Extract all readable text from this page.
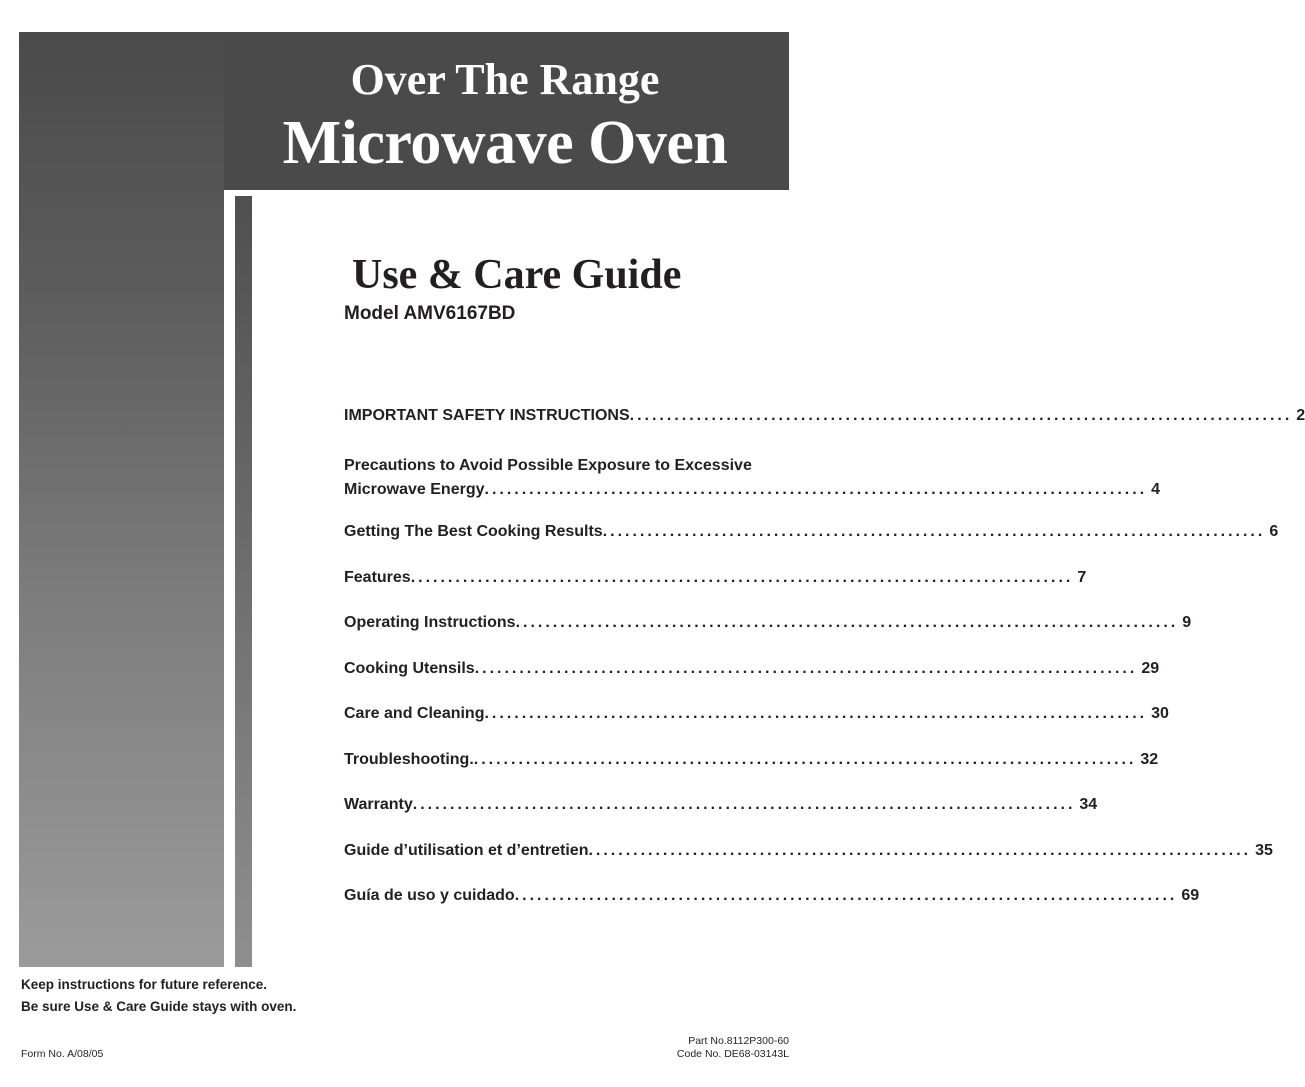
Over The Range
Microwave Oven
Use & Care Guide
Model AMV6167BD
IMPORTANT SAFETY INSTRUCTIONS ......................................................................................... 2
Precautions to Avoid Possible Exposure to Excessive
Microwave Energy ......................................................................................... 4
Getting The Best Cooking Results ......................................................................................... 6
Features ......................................................................................... 7
Operating Instructions ......................................................................................... 9
Cooking Utensils ......................................................................................... 29
Care and Cleaning ......................................................................................... 30
Troubleshooting. ......................................................................................... 32
Warranty ......................................................................................... 34
Guide d’utilisation et d’entretien ......................................................................................... 35
Guía de uso y cuidado ......................................................................................... 69
Keep instructions for future reference.
Be sure Use & Care Guide stays with oven.
Form No. A/08/05
Part No.8112P300-60
Code No. DE68-03143L
